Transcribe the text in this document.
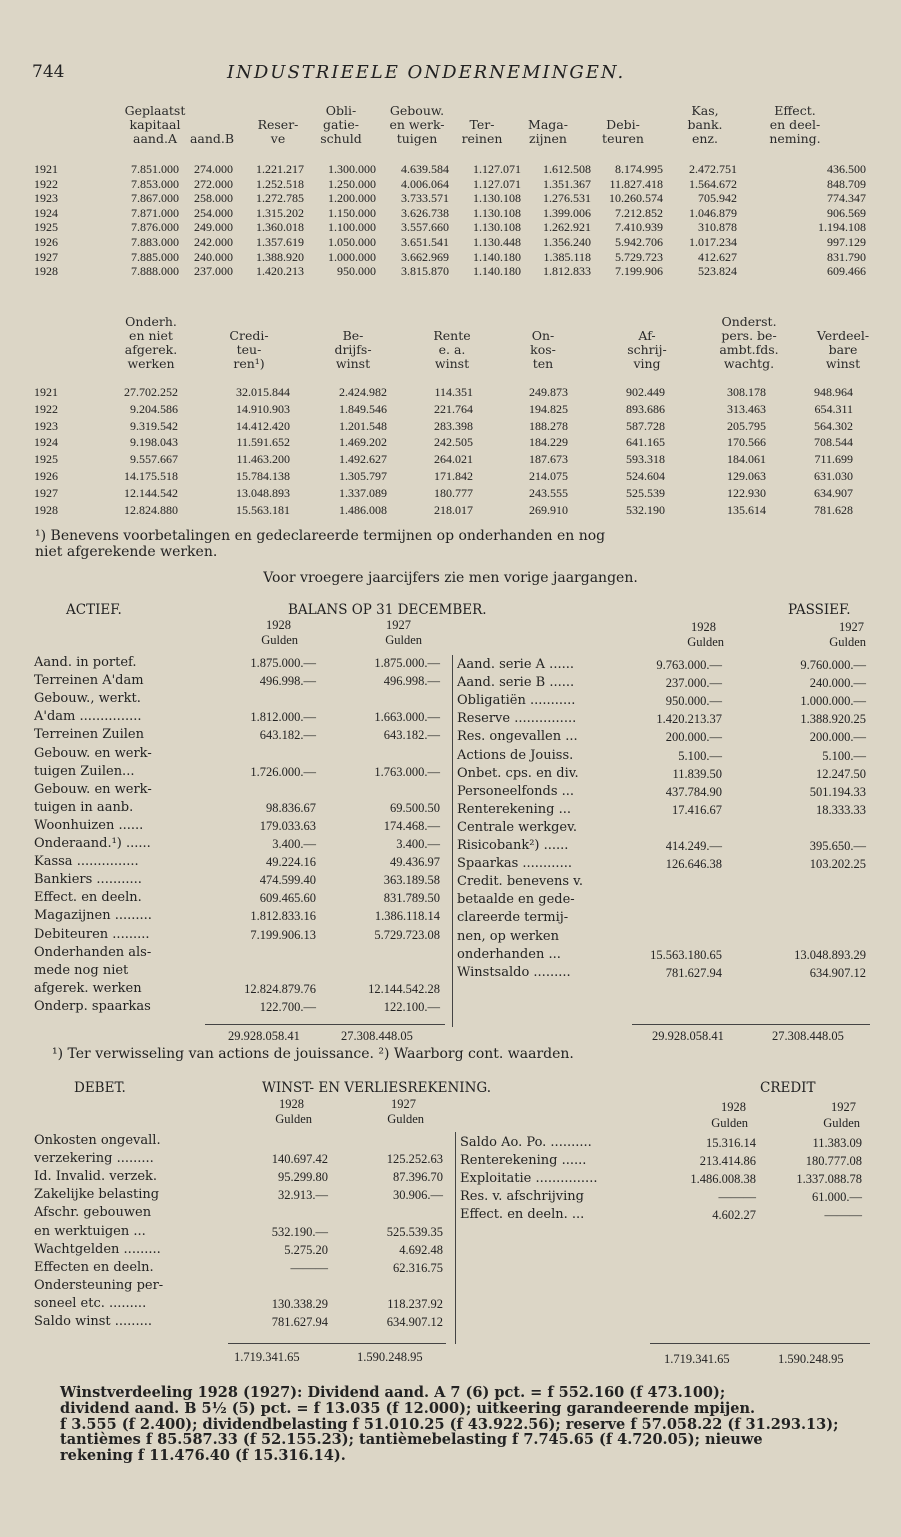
744	INDUSTRIEELE ONDERNEMINGEN.
Geplaatst	Obli-	Gebouw.	Kas,	Effect.
kapitaal	Reser-	gatie-	en werk-	Ter-	Maga-	Debi-	bank.	en deel-
aand.A	aand.B	ve	schuld	tuigen	reinen	zijnen	teuren	enz.	neming.
1921	7.851.000	274.000	1.221.217	1.300.000	4.639.584	1.127.071	1.612.508	8.174.995	2.472.751	436.500
1922	7.853.000	272.000	1.252.518	1.250.000	4.006.064	1.127.071	1.351.367	11.827.418	1.564.672	848.709
1923	7.867.000	258.000	1.272.785	1.200.000	3.733.571	1.130.108	1.276.531	10.260.574	705.942	774.347
1924	7.871.000	254.000	1.315.202	1.150.000	3.626.738	1.130.108	1.399.006	7.212.852	1.046.879	906.569
1925	7.876.000	249.000	1.360.018	1.100.000	3.557.660	1.130.108	1.262.921	7.410.939	310.878	1.194.108
1926	7.883.000	242.000	1.357.619	1.050.000	3.651.541	1.130.448	1.356.240	5.942.706	1.017.234	997.129
1927	7.885.000	240.000	1.388.920	1.000.000	3.662.969	1.140.180	1.385.118	5.729.723	412.627	831.790
1928	7.888.000	237.000	1.420.213	950.000	3.815.870	1.140.180	1.812.833	7.199.906	523.824	609.466
Onderh.	Onderst.
en niet	Credi-	Be-	Rente	On-	Af-	pers. be-	Verdeel-
afgerek.	teu-	drijfs-	e. a.	kos-	schrij-	ambt.fds.	bare
werken	ren¹)	winst	winst	ten	ving	wachtg.	winst
1921	27.702.252	32.015.844	2.424.982	114.351	249.873	902.449	308.178	948.964
1922	9.204.586	14.910.903	1.849.546	221.764	194.825	893.686	313.463	654.311
1923	9.319.542	14.412.420	1.201.548	283.398	188.278	587.728	205.795	564.302
1924	9.198.043	11.591.652	1.469.202	242.505	184.229	641.165	170.566	708.544
1925	9.557.667	11.463.200	1.492.627	264.021	187.673	593.318	184.061	711.699
1926	14.175.518	15.784.138	1.305.797	171.842	214.075	524.604	129.063	631.030
1927	12.144.542	13.048.893	1.337.089	180.777	243.555	525.539	122.930	634.907
1928	12.824.880	15.563.181	1.486.008	218.017	269.910	532.190	135.614	781.628
¹) Benevens voorbetalingen en gedeclareerde termijnen op onderhanden en nog
niet afgerekende werken.
Voor vroegere jaarcijfers zie men vorige jaargangen.
ACTIEF.	BALANS OP 31 DECEMBER.	PASSIEF.
1928	1927
Gulden	Gulden
1928	1927
Gulden	Gulden
Aand. in portef.	1.875.000.—	1.875.000.—
Terreinen A'dam	496.998.—	496.998.—
Gebouw., werkt.
A'dam ...............	1.812.000.—	1.663.000.—
Terreinen Zuilen	643.182.—	643.182.—
Gebouw. en werk-
tuigen Zuilen...	1.726.000.—	1.763.000.—
Gebouw. en werk-
tuigen in aanb.	98.836.67	69.500.50
Woonhuizen ......	179.033.63	174.468.—
Onderaand.¹) ......	3.400.—	3.400.—
Kassa ...............	49.224.16	49.436.97
Bankiers ...........	474.599.40	363.189.58
Effect. en deeln.	609.465.60	831.789.50
Magazijnen .........	1.812.833.16	1.386.118.14
Debiteuren .........	7.199.906.13	5.729.723.08
Onderhanden als-
mede nog niet
afgerek. werken	12.824.879.76	12.144.542.28
Onderp. spaarkas	122.700.—	122.100.—
Aand. serie A ......	9.763.000.—	9.760.000.—
Aand. serie B ......	237.000.—	240.000.—
Obligatiën ...........	950.000.—	1.000.000.—
Reserve ...............	1.420.213.37	1.388.920.25
Res. ongevallen ...	200.000.—	200.000.—
Actions de Jouiss.	5.100.—	5.100.—
Onbet. cps. en div.	11.839.50	12.247.50
Personeelfonds ...	437.784.90	501.194.33
Renterekening ...	17.416.67	18.333.33
Centrale werkgev.
Risicobank²) ......	414.249.—	395.650.—
Spaarkas ............	126.646.38	103.202.25
Credit. benevens v.
betaalde en gede-
clareerde termij-
nen, op werken
onderhanden ...	15.563.180.65	13.048.893.29
Winstsaldo .........	781.627.94	634.907.12
29.928.058.41	27.308.448.05	29.928.058.41	27.308.448.05
¹) Ter verwisseling van actions de jouissance. ²) Waarborg cont. waarden.
DEBET.	WINST- EN VERLIESREKENING.	CREDIT
1928	1927
Gulden	Gulden
1928	1927
Gulden	Gulden
Onkosten ongevall.
verzekering .........	140.697.42	125.252.63
Id. Invalid. verzek.	95.299.80	87.396.70
Zakelijke belasting	32.913.—	30.906.—
Afschr. gebouwen
en werktuigen ...	532.190.—	525.539.35
Wachtgelden .........	5.275.20	4.692.48
Effecten en deeln.	———	62.316.75
Ondersteuning per-
soneel etc. .........	130.338.29	118.237.92
Saldo winst .........	781.627.94	634.907.12
Saldo Ao. Po. ..........	15.316.14	11.383.09
Renterekening ......	213.414.86	180.777.08
Exploitatie ...............	1.486.008.38	1.337.088.78
Res. v. afschrijving	———	61.000.—
Effect. en deeln. ...	4.602.27	———
1.719.341.65	1.590.248.95	1.719.341.65	1.590.248.95
Winstverdeeling 1928 (1927): Dividend aand. A 7 (6) pct. = f 552.160 (f 473.100);
dividend aand. B 5½ (5) pct. = f 13.035 (f 12.000); uitkeering garandeerende mpijen.
f 3.555 (f 2.400); dividendbelasting f 51.010.25 (f 43.922.56); reserve f 57.058.22 (f 31.293.13);
tantièmes f 85.587.33 (f 52.155.23); tantièmebelasting f 7.745.65 (f 4.720.05); nieuwe
rekening f 11.476.40 (f 15.316.14).
